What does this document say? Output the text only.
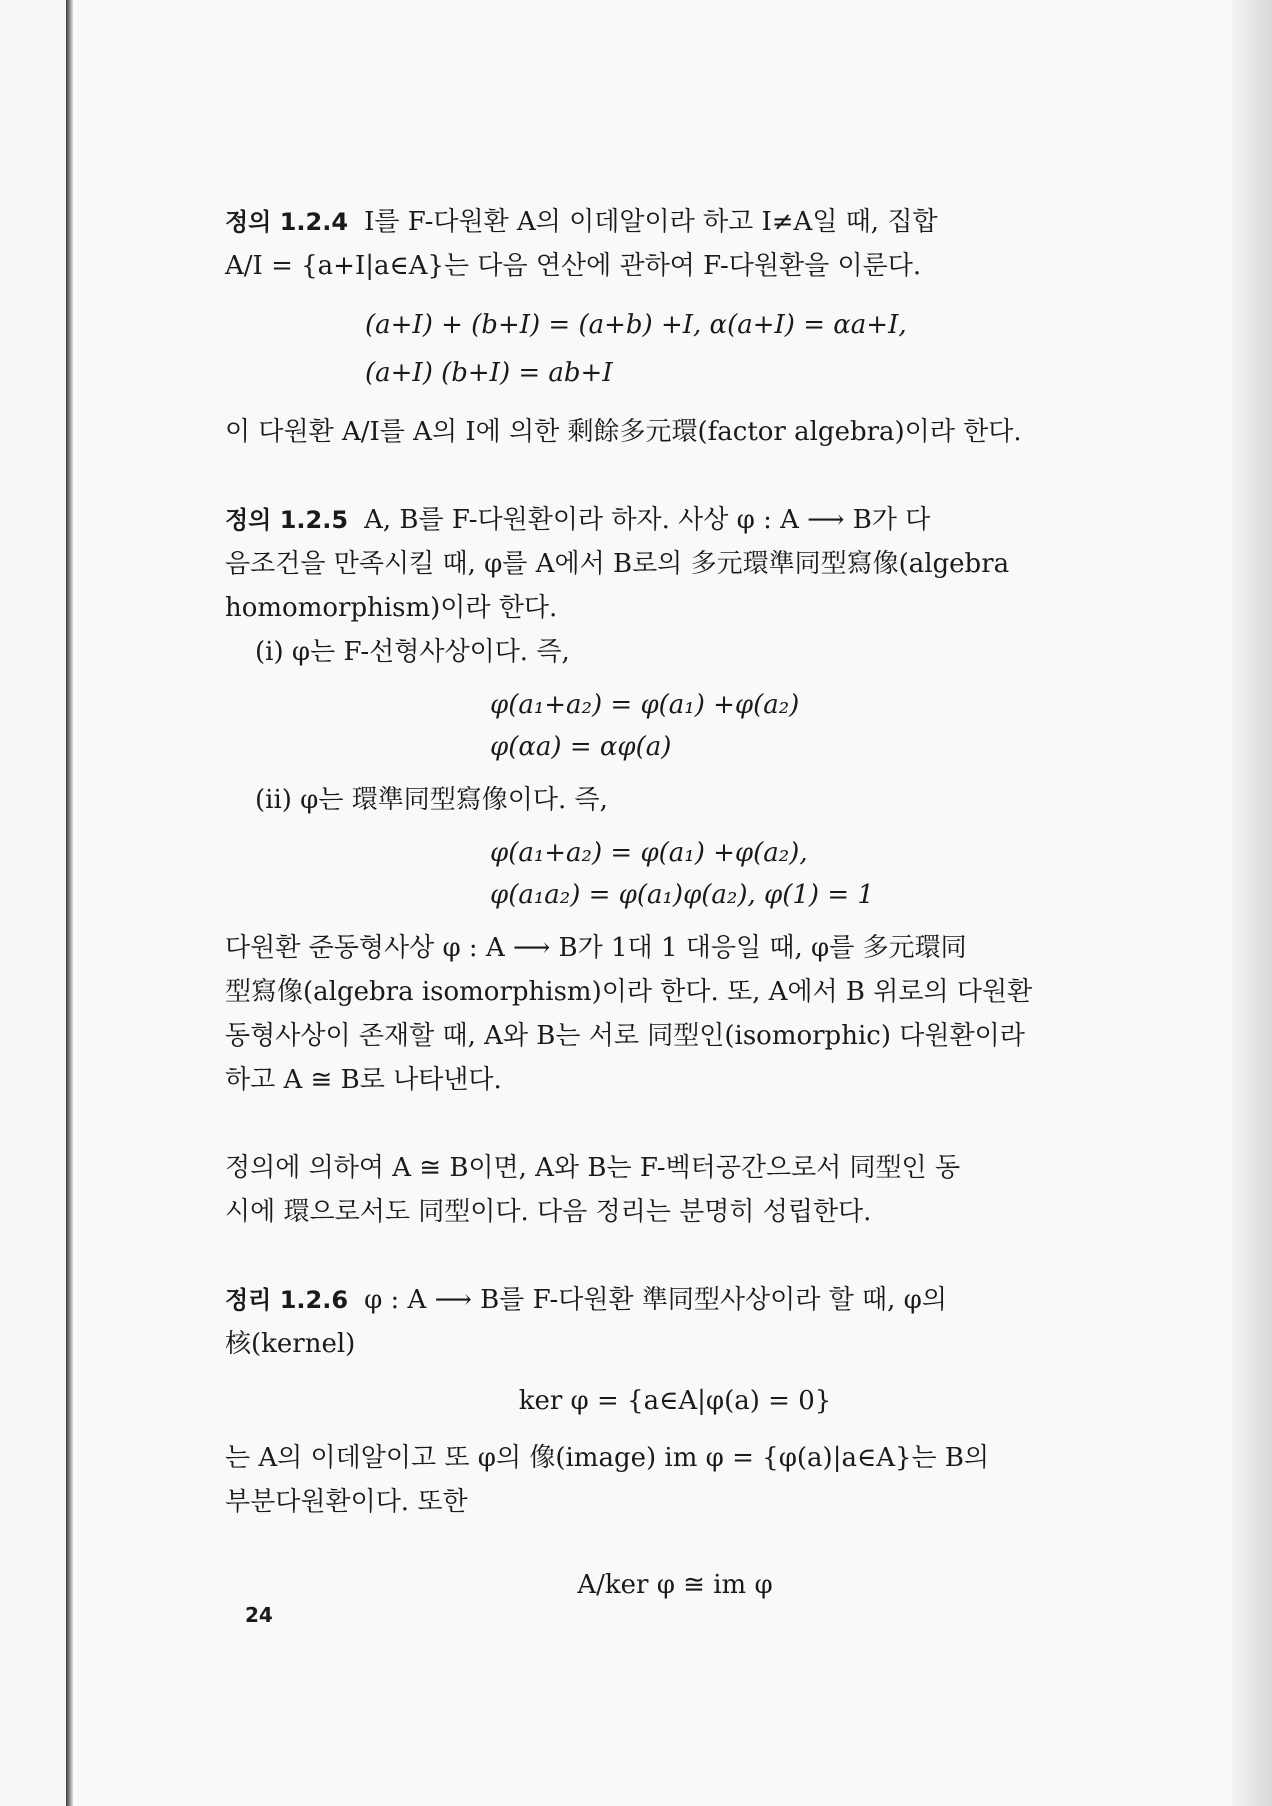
정의 1.2.4 I를 F-다원환 A의 이데알이라 하고 I≠A일 때, 집합

A/I = {a+I|a∈A}는 다음 연산에 관하여 F-다원환을 이룬다.

(a+I) + (b+I) = (a+b) +I, α(a+I) = αa+I,
(a+I) (b+I) = ab+I

이 다원환 A/I를 A의 I에 의한 剩餘多元環(factor algebra)이라 한다.

정의 1.2.5 A, B를 F-다원환이라 하자. 사상 φ : A ⟶ B가 다

음조건을 만족시킬 때, φ를 A에서 B로의 多元環準同型寫像(algebra

homomorphism)이라 한다.

(i) φ는 F-선형사상이다. 즉,

φ(a₁+a₂) = φ(a₁) +φ(a₂)
φ(αa) = αφ(a)

(ii) φ는 環準同型寫像이다. 즉,

φ(a₁+a₂) = φ(a₁) +φ(a₂),
φ(a₁a₂) = φ(a₁)φ(a₂), φ(1) = 1

다원환 준동형사상 φ : A ⟶ B가 1대 1 대응일 때, φ를 多元環同

型寫像(algebra isomorphism)이라 한다. 또, A에서 B 위로의 다원환

동형사상이 존재할 때, A와 B는 서로 同型인(isomorphic) 다원환이라

하고 A ≅ B로 나타낸다.

정의에 의하여 A ≅ B이면, A와 B는 F-벡터공간으로서 同型인 동

시에 環으로서도 同型이다. 다음 정리는 분명히 성립한다.

정리 1.2.6 φ : A ⟶ B를 F-다원환 準同型사상이라 할 때, φ의

核(kernel)

ker φ = {a∈A|φ(a) = 0}

는 A의 이데알이고 또 φ의 像(image) im φ = {φ(a)|a∈A}는 B의

부분다원환이다. 또한

A/ker φ ≅ im φ
24
